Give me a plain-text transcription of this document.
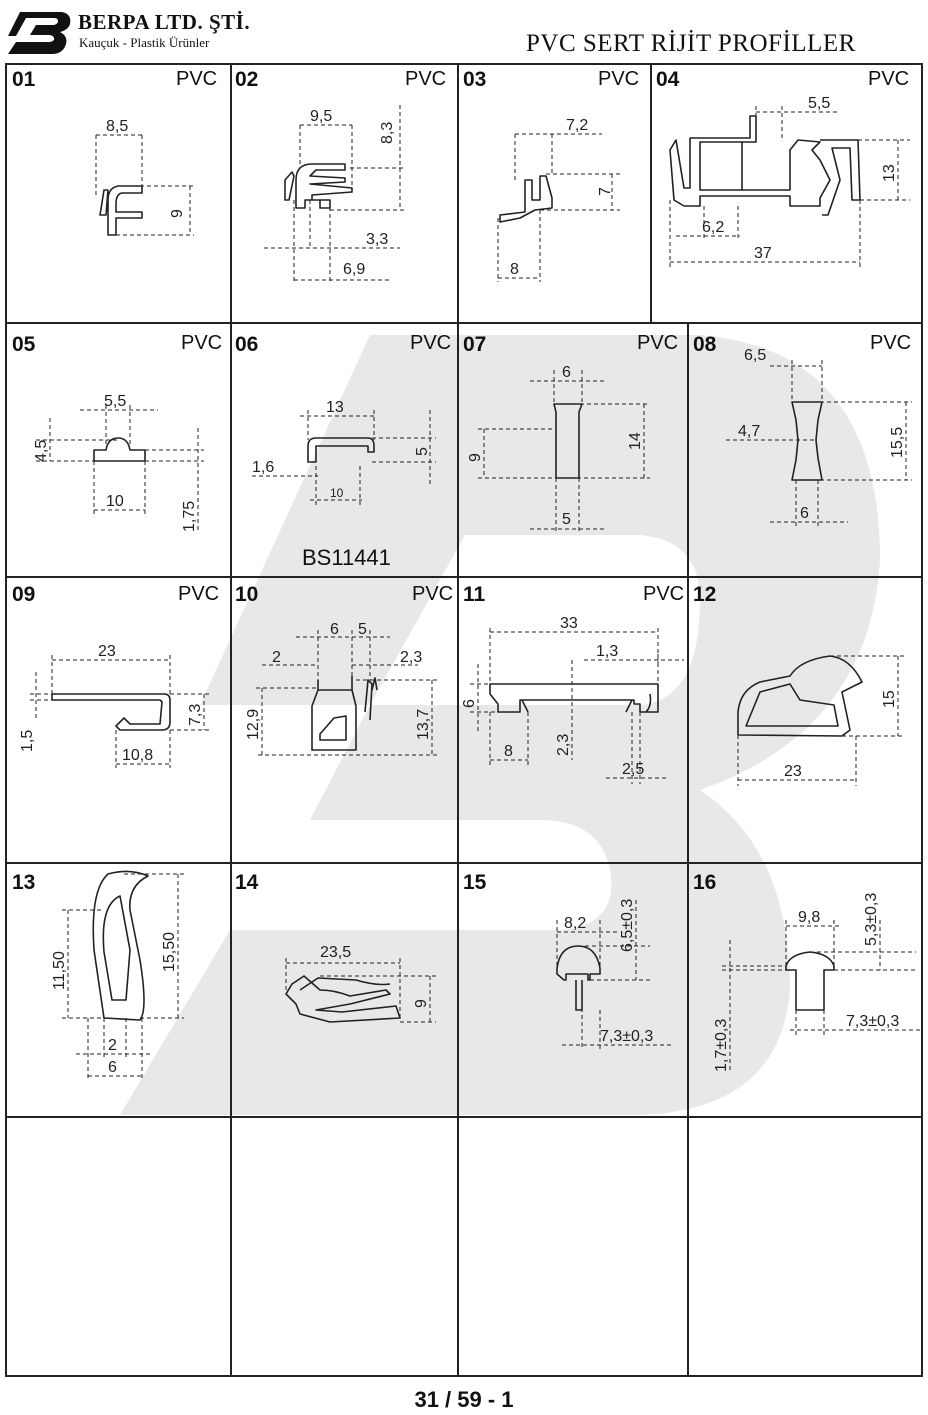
BERPA LTD. ŞTİ.
Kauçuk - Plastik Ürünler	PVC SERT RİJİT PROFİLLER
01	PVC 02	PVC 03	PVC 04	PVC
05	PVC 06	PVC 07	PVC 08	PVC
BS11441
09	PVC 10	PVC 11	PVC 12
13	14	15	16
8,5
9
9,5
8,3
3,3
6,9
7,2
7
8
5,5
13
6,2
37
5,5
4,5
10	1,75
13
5
1,6
10
6
9
14
5
6,5
4,7	15,5
6
23
1,5
7,3
10,8
6 5
2	2,3
12,9	13,7
33
1,3
6
2,3
8
2,5
15
23
11,50	15,50
2
6
23,5
9
8,2 6,5±0,3
7,3±0,3
9,8	5,3±0,3
1,7±0,3	7,3±0,3
31 / 59 - 1
